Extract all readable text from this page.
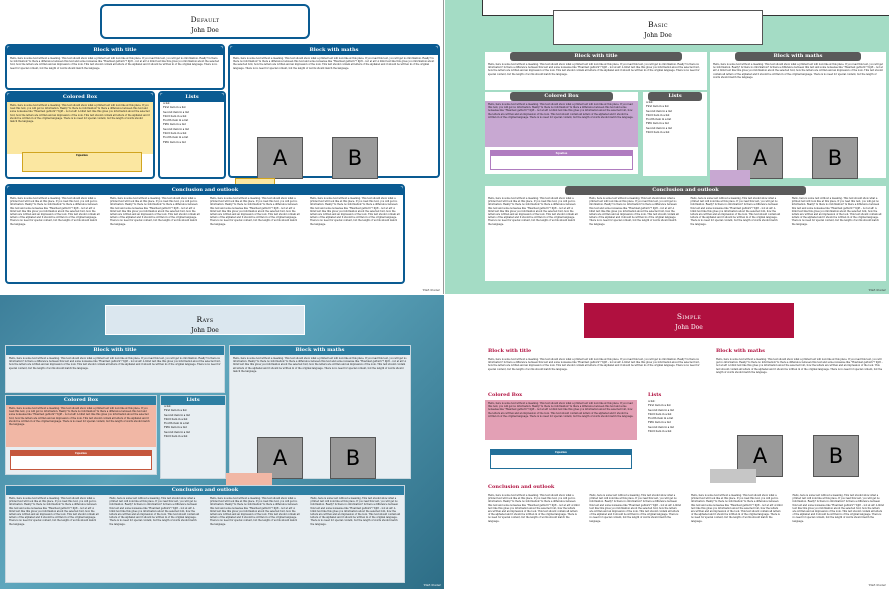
Default
John Doe
Block with title
Hello, here is some text without a meaning. This text should show what a printed text will look like at this place. If you read this text, you will get no information. Really? Is there no information? Is there a difference between this text and some nonsense like "Huardest gefburn"? Kjift – not at all! A blind text like this gives you information about the selected font, how the letters are written and an impression of the look. This text should contain all letters of the alphabet and it should be written in of the original language. There is no need for special content, but the length of words should match the language.
Block with maths
Hello, here is some text without a meaning. This text should show what a printed text will look like at this place. If you read this text, you will get no information. Really? Is there no information? Is there a difference between this text and some nonsense like "Huardest gefburn"? Kjift – not at all! A blind text like this gives you information about the selected font, how the letters are written and an impression of the look. This text should contain all letters of the alphabet and it should be written in of the original language. There is no need for special content, but the length of words should match the language.
A	B
Colored Box
Hello, here is some text without a meaning. This text should show what a printed text will look like at this place. If you read this text, you will get no information. Really? Is there no information? Is there a difference between this text and some nonsense like "Huardest gefburn"? Kjift – not at all! A blind text like this gives you information about the selected font, how the letters are written and an impression of the look. This text should contain all letters of the alphabet and it should be written in of the original language. There is no need for special content, but the length of words should match the language.
Equation
Lists
A list:
First item in a list
Second item in a list
Third item in a list
Fourth item in a list
Fifth item in a list
Second item in a list
Third item in a list
Fourth item in a list
Fifth item in a list
Conclusion and outlook
Hello, here is some text without a meaning. This text should show what a printed text will look like at this place. If you read this text, you will get no information. Really? Is there no information? Is there a difference between this text and some nonsense like "Huardest gefburn"? Kjift – not at all! A blind text like this gives you information about the selected font, how the letters are written and an impression of the look. This text should contain all letters of the alphabet and it should be written in of the original language. There is no need for special content, but the length of words should match the language.
Hello, here is some text without a meaning. This text should show what a printed text will look like at this place. If you read this text, you will get no information. Really? Is there no information? Is there a difference between this text and some nonsense like "Huardest gefburn"? Kjift – not at all! A blind text like this gives you information about the selected font, how the letters are written and an impression of the look. This text should contain all letters of the alphabet and it should be written in of the original language. There is no need for special content, but the length of words should match the language.
Hello, here is some text without a meaning. This text should show what a printed text will look like at this place. If you read this text, you will get no information. Really? Is there no information? Is there a difference between this text and some nonsense like "Huardest gefburn"? Kjift – not at all! A blind text like this gives you information about the selected font, how the letters are written and an impression of the look. This text should contain all letters of the alphabet and it should be written in of the original language. There is no need for special content, but the length of words should match the language.
Hello, here is some text without a meaning. This text should show what a printed text will look like at this place. If you read this text, you will get no information. Really? Is there no information? Is there a difference between this text and some nonsense like "Huardest gefburn"? Kjift – not at all! A blind text like this gives you information about the selected font, how the letters are written and an impression of the look. This text should contain all letters of the alphabet and it should be written in of the original language. There is no need for special content, but the length of words should match the language.
TikZ Poster
Basic
John Doe
Block with title
Hello, here is some text without a meaning. This text should show what a printed text will look like at this place. If you read this text, you will get no information. Really? Is there no information? Is there a difference between this text and some nonsense like "Huardest gefburn"? Kjift – not at all! A blind text like this gives you information about the selected font, how the letters are written and an impression of the look. This text should contain all letters of the alphabet and it should be written in of the original language. There is no need for special content, but the length of words should match the language.
Block with maths
Hello, here is some text without a meaning. This text should show what a printed text will look like at this place. If you read this text, you will get no information. Really? Is there no information? Is there a difference between this text and some nonsense like "Huardest gefburn"? Kjift – not at all! A blind text like this gives you information about the selected font, how the letters are written and an impression of the look. This text should contain all letters of the alphabet and it should be written in of the original language. There is no need for special content, but the length of words should match the language.
A	B
Colored Box
Hello, here is some text without a meaning. This text should show what a printed text will look like at this place. If you read this text, you will get no information. Really? Is there no information? Is there a difference between this text and some nonsense like "Huardest gefburn"? Kjift – not at all! A blind text like this gives you information about the selected font, how the letters are written and an impression of the look. This text should contain all letters of the alphabet and it should be written in of the original language. There is no need for special content, but the length of words should match the language.
Equation
Lists
A list:
First item in a list
Second item in a list
Third item in a list
Fourth item in a list
Fifth item in a list
Second item in a list
Third item in a list
Conclusion and outlook
Hello, here is some text without a meaning. This text should show what a printed text will look like at this place. If you read this text, you will get no information. Really? Is there no information? Is there a difference between this text and some nonsense like "Huardest gefburn"? Kjift – not at all! A blind text like this gives you information about the selected font, how the letters are written and an impression of the look. This text should contain all letters of the alphabet and it should be written in of the original language. There is no need for special content, but the length of words should match the language.
Hello, here is some text without a meaning. This text should show what a printed text will look like at this place. If you read this text, you will get no information. Really? Is there no information? Is there a difference between this text and some nonsense like "Huardest gefburn"? Kjift – not at all! A blind text like this gives you information about the selected font, how the letters are written and an impression of the look. This text should contain all letters of the alphabet and it should be written in of the original language. There is no need for special content, but the length of words should match the language.
Hello, here is some text without a meaning. This text should show what a printed text will look like at this place. If you read this text, you will get no information. Really? Is there no information? Is there a difference between this text and some nonsense like "Huardest gefburn"? Kjift – not at all! A blind text like this gives you information about the selected font, how the letters are written and an impression of the look. This text should contain all letters of the alphabet and it should be written in of the original language. There is no need for special content, but the length of words should match the language.
Hello, here is some text without a meaning. This text should show what a printed text will look like at this place. If you read this text, you will get no information. Really? Is there no information? Is there a difference between this text and some nonsense like "Huardest gefburn"? Kjift – not at all! A blind text like this gives you information about the selected font, how the letters are written and an impression of the look. This text should contain all letters of the alphabet and it should be written in of the original language. There is no need for special content, but the length of words should match the language.
TikZ Poster
Rays
John Doe
Block with title
Hello, here is some text without a meaning. This text should show what a printed text will look like at this place. If you read this text, you will get no information. Really? Is there no information? Is there a difference between this text and some nonsense like "Huardest gefburn"? Kjift – not at all! A blind text like this gives you information about the selected font, how the letters are written and an impression of the look. This text should contain all letters of the alphabet and it should be written in of the original language. There is no need for special content, but the length of words should match the language.
Block with maths
Hello, here is some text without a meaning. This text should show what a printed text will look like at this place. If you read this text, you will get no information. Really? Is there no information? Is there a difference between this text and some nonsense like "Huardest gefburn"? Kjift – not at all! A blind text like this gives you information about the selected font, how the letters are written and an impression of the look. This text should contain all letters of the alphabet and it should be written in of the original language. There is no need for special content, but the length of words should match the language.
A	B
Colored Box
Hello, here is some text without a meaning. This text should show what a printed text will look like at this place. If you read this text, you will get no information. Really? Is there no information? Is there a difference between this text and some nonsense like "Huardest gefburn"? Kjift – not at all! A blind text like this gives you information about the selected font, how the letters are written and an impression of the look. This text should contain all letters of the alphabet and it should be written in of the original language. There is no need for special content, but the length of words should match the language.
Equation
Lists
A list:
First item in a list
Second item in a list
Third item in a list
Fourth item in a list
Fifth item in a list
Second item in a list
Third item in a list
Conclusion and outlook
Hello, here is some text without a meaning. This text should show what a printed text will look like at this place. If you read this text, you will get no information. Really? Is there no information? Is there a difference between this text and some nonsense like "Huardest gefburn"? Kjift – not at all! A blind text like this gives you information about the selected font, how the letters are written and an impression of the look. This text should contain all letters of the alphabet and it should be written in of the original language. There is no need for special content, but the length of words should match the language.
Hello, here is some text without a meaning. This text should show what a printed text will look like at this place. If you read this text, you will get no information. Really? Is there no information? Is there a difference between this text and some nonsense like "Huardest gefburn"? Kjift – not at all! A blind text like this gives you information about the selected font, how the letters are written and an impression of the look. This text should contain all letters of the alphabet and it should be written in of the original language. There is no need for special content, but the length of words should match the language.
Hello, here is some text without a meaning. This text should show what a printed text will look like at this place. If you read this text, you will get no information. Really? Is there no information? Is there a difference between this text and some nonsense like "Huardest gefburn"? Kjift – not at all! A blind text like this gives you information about the selected font, how the letters are written and an impression of the look. This text should contain all letters of the alphabet and it should be written in of the original language. There is no need for special content, but the length of words should match the language.
Hello, here is some text without a meaning. This text should show what a printed text will look like at this place. If you read this text, you will get no information. Really? Is there no information? Is there a difference between this text and some nonsense like "Huardest gefburn"? Kjift – not at all! A blind text like this gives you information about the selected font, how the letters are written and an impression of the look. This text should contain all letters of the alphabet and it should be written in of the original language. There is no need for special content, but the length of words should match the language.
TikZ Poster
Simple
John Doe
Block with title
Hello, here is some text without a meaning. This text should show what a printed text will look like at this place. If you read this text, you will get no information. Really? Is there no information? Is there a difference between this text and some nonsense like "Huardest gefburn"? Kjift – not at all! A blind text like this gives you information about the selected font, how the letters are written and an impression of the look. This text should contain all letters of the alphabet and it should be written in of the original language. There is no need for special content, but the length of words should match the language.
Block with maths
Hello, here is some text without a meaning. This text should show what a printed text will look like at this place. If you read this text, you will get no information. Really? Is there no information? Is there a difference between this text and some nonsense like "Huardest gefburn"? Kjift – not at all! A blind text like this gives you information about the selected font, how the letters are written and an impression of the look. This text should contain all letters of the alphabet and it should be written in of the original language. There is no need for special content, but the length of words should match the language.
A	B
Colored Box
Hello, here is some text without a meaning. This text should show what a printed text will look like at this place. If you read this text, you will get no information. Really? Is there no information? Is there a difference between this text and some nonsense like "Huardest gefburn"? Kjift – not at all! A blind text like this gives you information about the selected font, how the letters are written and an impression of the look. This text should contain all letters of the alphabet and it should be written in of the original language. There is no need for special content, but the length of words should match the language.
Equation
Lists
A list:
First item in a list
Second item in a list
Third item in a list
Fourth item in a list
Fifth item in a list
Second item in a list
Third item in a list
Conclusion and outlook
Hello, here is some text without a meaning. This text should show what a printed text will look like at this place. If you read this text, you will get no information. Really? Is there no information? Is there a difference between this text and some nonsense like "Huardest gefburn"? Kjift – not at all! A blind text like this gives you information about the selected font, how the letters are written and an impression of the look. This text should contain all letters of the alphabet and it should be written in of the original language. There is no need for special content, but the length of words should match the language.
Hello, here is some text without a meaning. This text should show what a printed text will look like at this place. If you read this text, you will get no information. Really? Is there no information? Is there a difference between this text and some nonsense like "Huardest gefburn"? Kjift – not at all! A blind text like this gives you information about the selected font, how the letters are written and an impression of the look. This text should contain all letters of the alphabet and it should be written in of the original language. There is no need for special content, but the length of words should match the language.
Hello, here is some text without a meaning. This text should show what a printed text will look like at this place. If you read this text, you will get no information. Really? Is there no information? Is there a difference between this text and some nonsense like "Huardest gefburn"? Kjift – not at all! A blind text like this gives you information about the selected font, how the letters are written and an impression of the look. This text should contain all letters of the alphabet and it should be written in of the original language. There is no need for special content, but the length of words should match the language.
Hello, here is some text without a meaning. This text should show what a printed text will look like at this place. If you read this text, you will get no information. Really? Is there no information? Is there a difference between this text and some nonsense like "Huardest gefburn"? Kjift – not at all! A blind text like this gives you information about the selected font, how the letters are written and an impression of the look. This text should contain all letters of the alphabet and it should be written in of the original language. There is no need for special content, but the length of words should match the language.
TikZ Poster
